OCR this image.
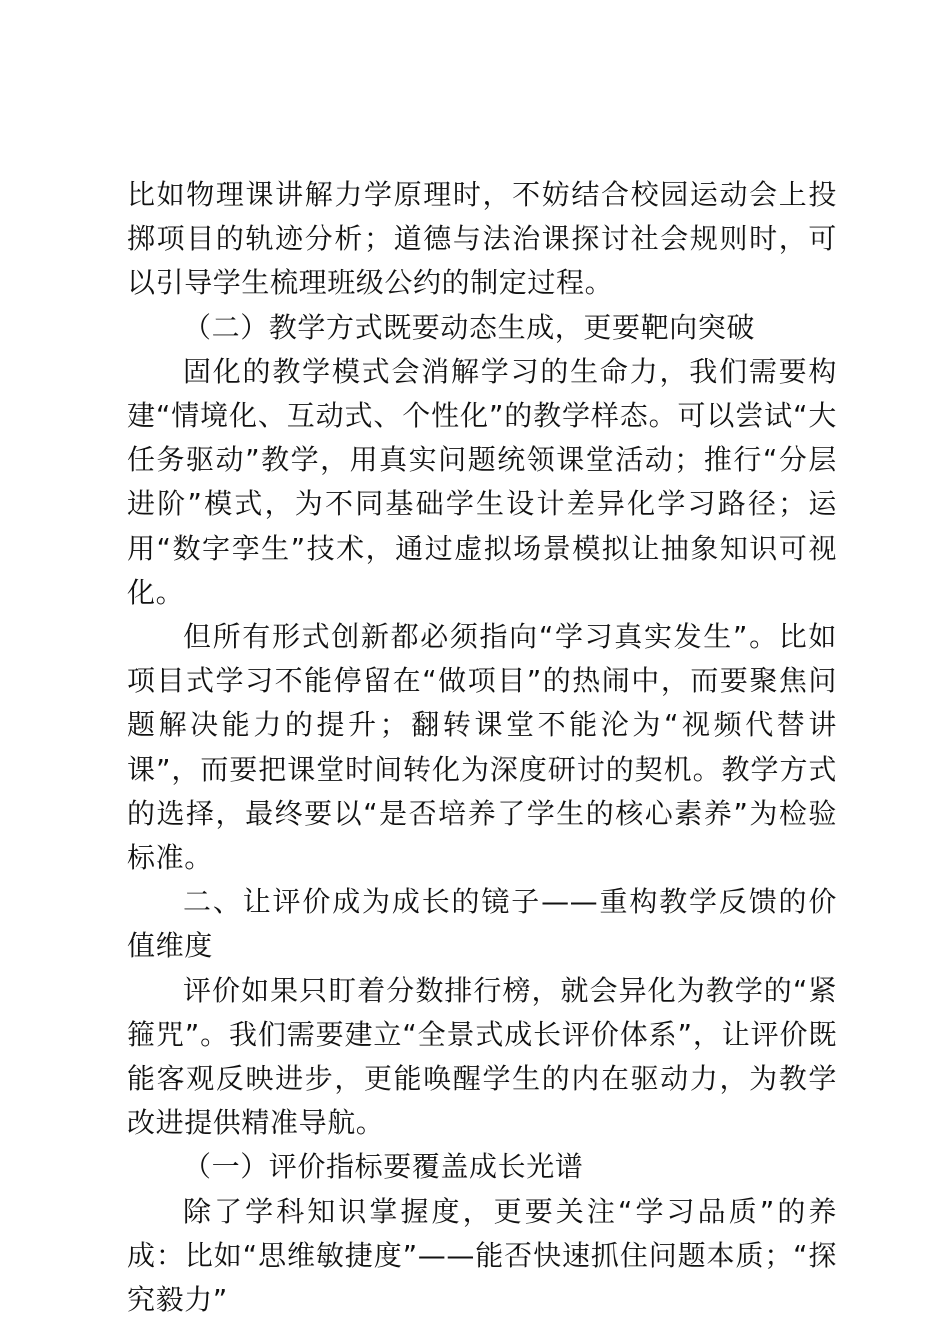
比如物理课讲解力学原理时，不妨结合校园运动会上投掷项目的轨迹分析；道德与法治课探讨社会规则时，可以引导学生梳理班级公约的制定过程。

（二）教学方式既要动态生成，更要靶向突破

固化的教学模式会消解学习的生命力，我们需要构建“情境化、互动式、个性化”的教学样态。可以尝试“大任务驱动”教学，用真实问题统领课堂活动；推行“分层进阶”模式，为不同基础学生设计差异化学习路径；运用“数字孪生”技术，通过虚拟场景模拟让抽象知识可视化。

但所有形式创新都必须指向“学习真实发生”。比如项目式学习不能停留在“做项目”的热闹中，而要聚焦问题解决能力的提升；翻转课堂不能沦为“视频代替讲课”，而要把课堂时间转化为深度研讨的契机。教学方式的选择，最终要以“是否培养了学生的核心素养”为检验标准。

二、让评价成为成长的镜子——重构教学反馈的价值维度

评价如果只盯着分数排行榜，就会异化为教学的“紧箍咒”。我们需要建立“全景式成长评价体系”，让评价既能客观反映进步，更能唤醒学生的内在驱动力，为教学改进提供精准导航。

（一）评价指标要覆盖成长光谱

除了学科知识掌握度，更要关注“学习品质”的养成：比如“思维敏捷度”——能否快速抓住问题本质；“探究毅力”
